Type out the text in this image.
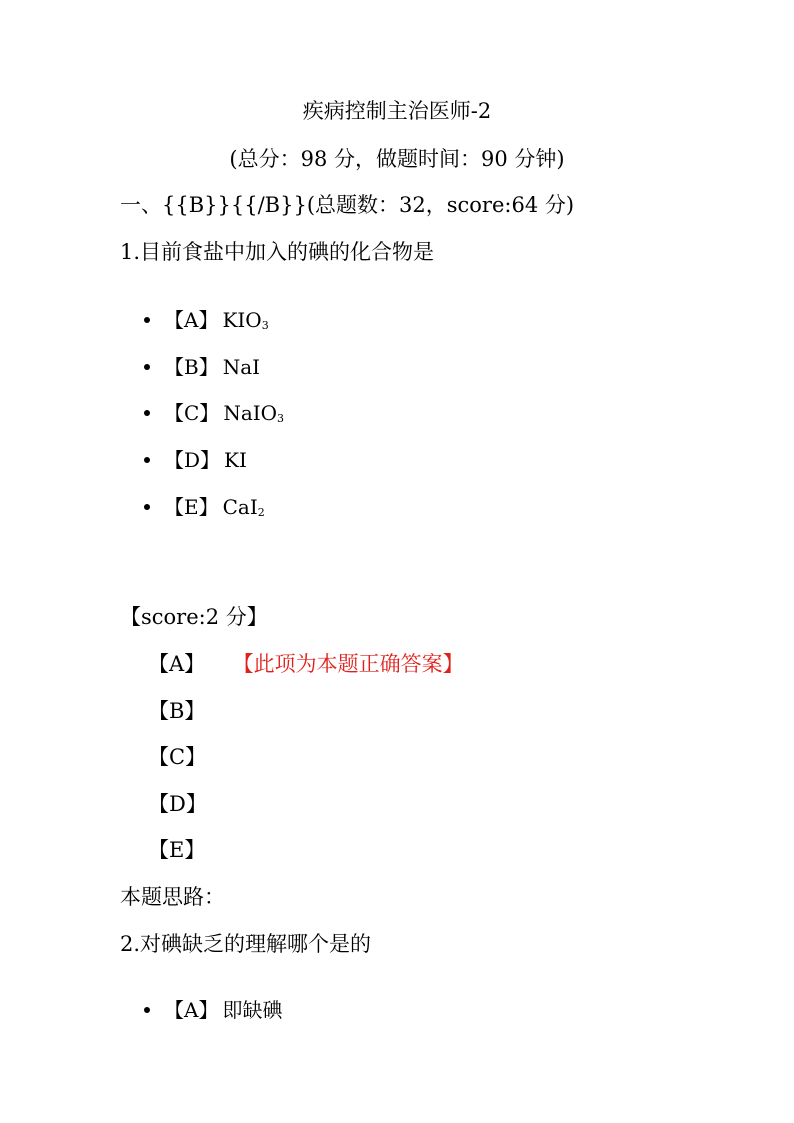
疾病控制主治医师-2
(总分：98 分，做题时间：90 分钟)
一、{{B}}{{/B}}(总题数：32，score:64 分)
1.目前食盐中加入的碘的化合物是
【A】 $KIO_3$
【B】 NaI
【C】 NaIO$_3$
【D】 KI
【E】 CaI$_2$
【score:2 分】
【A】 【此项为本题正确答案】
【B】
【C】
【D】
【E】
本题思路：
2.对碘缺乏的理解哪个是的
【A】 即缺碘
